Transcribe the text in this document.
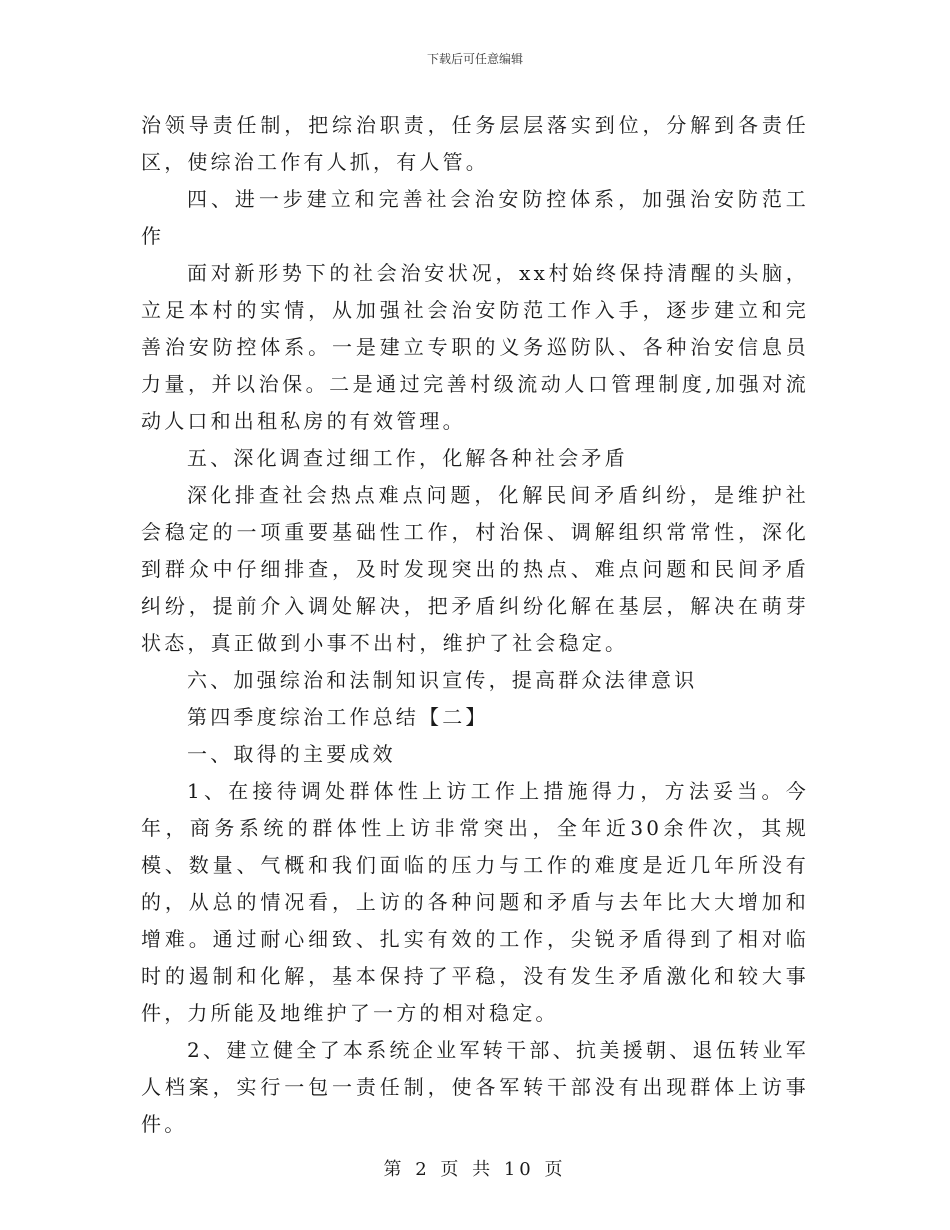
下载后可任意编辑

治领导责任制，把综治职责，任务层层落实到位，分解到各责任区，使综治工作有人抓，有人管。

四、进一步建立和完善社会治安防控体系，加强治安防范工作

面对新形势下的社会治安状况，xx村始终保持清醒的头脑，立足本村的实情，从加强社会治安防范工作入手，逐步建立和完善治安防控体系。一是建立专职的义务巡防队、各种治安信息员力量，并以治保。二是通过完善村级流动人口管理制度,加强对流动人口和出租私房的有效管理。

五、深化调查过细工作，化解各种社会矛盾

深化排查社会热点难点问题，化解民间矛盾纠纷，是维护社会稳定的一项重要基础性工作，村治保、调解组织常常性，深化到群众中仔细排查，及时发现突出的热点、难点问题和民间矛盾纠纷，提前介入调处解决，把矛盾纠纷化解在基层，解决在萌芽状态，真正做到小事不出村，维护了社会稳定。

六、加强综治和法制知识宣传，提高群众法律意识

第四季度综治工作总结【二】

一、取得的主要成效

1、在接待调处群体性上访工作上措施得力，方法妥当。今年，商务系统的群体性上访非常突出，全年近30余件次，其规模、数量、气概和我们面临的压力与工作的难度是近几年所没有的，从总的情况看，上访的各种问题和矛盾与去年比大大增加和增难。通过耐心细致、扎实有效的工作，尖锐矛盾得到了相对临时的遏制和化解，基本保持了平稳，没有发生矛盾激化和较大事件，力所能及地维护了一方的相对稳定。

2、建立健全了本系统企业军转干部、抗美援朝、退伍转业军人档案，实行一包一责任制，使各军转干部没有出现群体上访事件。

第 2 页 共 10 页
